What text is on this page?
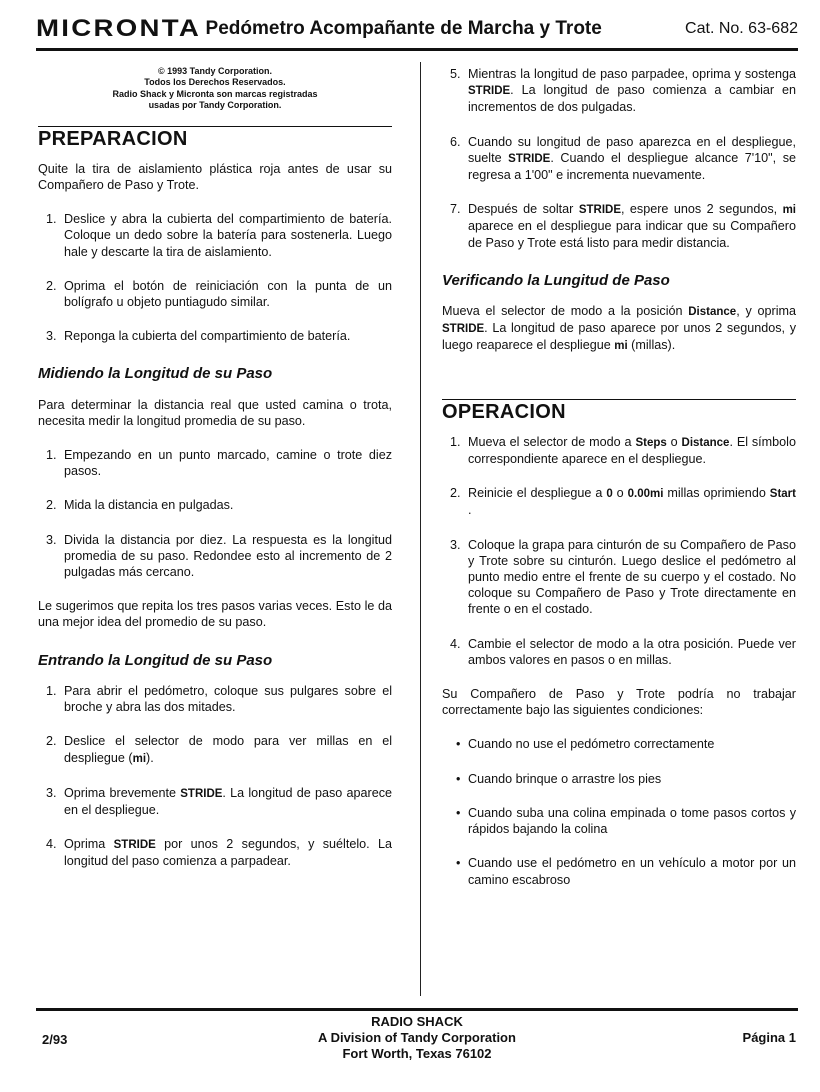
MICRONTA Pedómetro Acompañante de Marcha y Trote	Cat. No. 63-682
© 1993 Tandy Corporation.
Todos los Derechos Reservados.
Radio Shack y Micronta son marcas registradas
usadas por Tandy Corporation.
PREPARACION

Quite la tira de aislamiento plástica roja antes de usar su Compañero de Paso y Trote.

1. Deslice y abra la cubierta del compartimiento de batería. Coloque un dedo sobre la batería para sostenerla. Luego hale y descarte la tira de aislamiento.
2. Oprima el botón de reiniciación con la punta de un bolígrafo u objeto puntiagudo similar.
3. Reponga la cubierta del compartimiento de batería.
Midiendo la Longitud de su Paso

Para determinar la distancia real que usted camina o trota, necesita medir la longitud promedia de su paso.

1. Empezando en un punto marcado, camine o trote diez pasos.
2. Mida la distancia en pulgadas.
3. Divida la distancia por diez. La respuesta es la longitud promedia de su paso. Redondee esto al incremento de 2 pulgadas más cercano.

Le sugerimos que repita los tres pasos varias veces. Esto le da una mejor idea del promedio de su paso.

Entrando la Longitud de su Paso
1. Para abrir el pedómetro, coloque sus pulgares sobre el broche y abra las dos mitades.
2. Deslice el selector de modo para ver millas en el despliegue (mi).
3. Oprima brevemente STRIDE. La longitud de paso aparece en el despliegue.
4. Oprima STRIDE por unos 2 segundos, y suéltelo. La longitud del paso comienza a parpadear.
5. Mientras la longitud de paso parpadee, oprima y sostenga STRIDE. La longitud de paso comienza a cambiar en incrementos de dos pulgadas.
6. Cuando su longitud de paso aparezca en el despliegue, suelte STRIDE. Cuando el despliegue alcance 7'10", se regresa a 1'00" e incrementa nuevamente.
7. Después de soltar STRIDE, espere unos 2 segundos, mi aparece en el despliegue para indicar que su Compañero de Paso y Trote está listo para medir distancia.
Verificando la Lungitud de Paso

Mueva el selector de modo a la posición Distance, y oprima STRIDE. La longitud de paso aparece por unos 2 segundos, y luego reaparece el despliegue mi (millas).

OPERACION
1. Mueva el selector de modo a Steps o Distance. El símbolo correspondiente aparece en el despliegue.
2. Reinicie el despliegue a 0 o 0.00mi millas oprimiendo Start .
3. Coloque la grapa para cinturón de su Compañero de Paso y Trote sobre su cinturón. Luego deslice el pedómetro al punto medio entre el frente de su cuerpo y el costado. No coloque su Compañero de Paso y Trote directamente en frente o en el costado.
4. Cambie el selector de modo a la otra posición. Puede ver ambos valores en pasos o en millas.

Su Compañero de Paso y Trote podría no trabajar correctamente bajo las siguientes condiciones:

• Cuando no use el pedómetro correctamente
• Cuando brinque o arrastre los pies
• Cuando suba una colina empinada o tome pasos cortos y rápidos bajando la colina
• Cuando use el pedómetro en un vehículo a motor por un camino escabroso
2/93
RADIO SHACK
A Division of Tandy Corporation
Fort Worth, Texas 76102
Página 1
